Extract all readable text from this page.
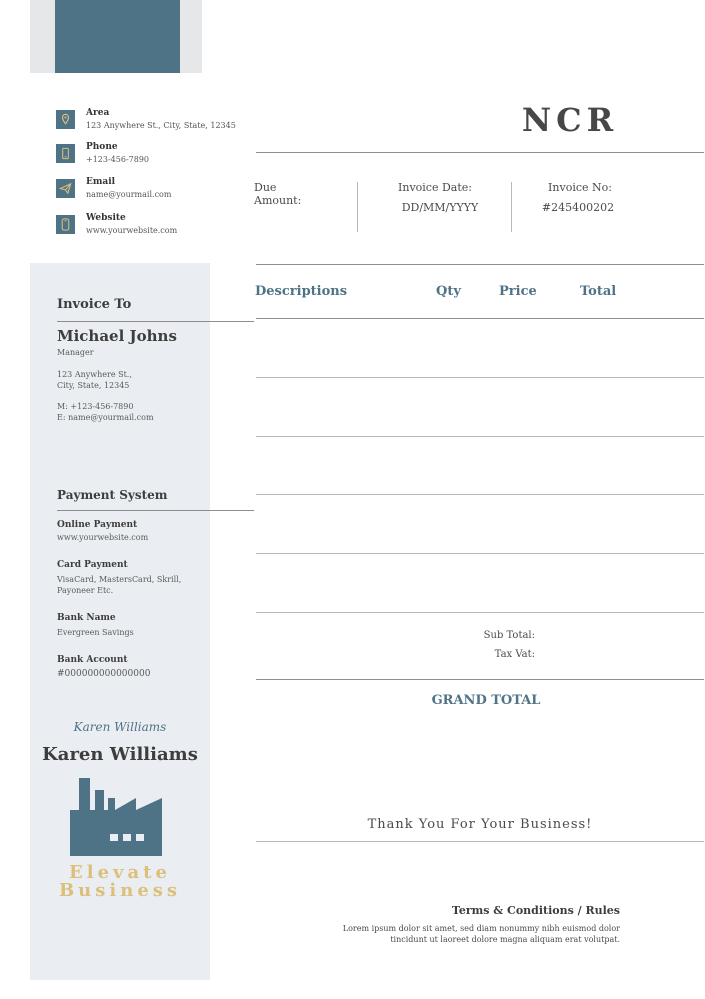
Area
123 Anywhere St., City, State, 12345
Phone
+123-456-7890
Email
name@yourmail.com
Website
www.yourwebsite.com
NCR
Due Amount:
Invoice Date:
DD/MM/YYYY
Invoice No:
#245400202
Invoice To
Michael Johns
Manager
123 Anywhere St.,
City, State, 12345
M: +123-456-7890
E: name@yourmail.com
Payment System
Online Payment
www.yourwebsite.com
Card Payment
VisaCard, MastersCard, Skrill,
Payoneer Etc.
Bank Name
Evergreen Savings
Bank Account
#000000000000000
Karen Williams
Karen Williams
Elevate
Business
Descriptions	Qty	Price	Total
Sub Total:
Tax Vat:
GRAND TOTAL
Thank You For Your Business!
Terms & Conditions / Rules
Lorem ipsum dolor sit amet, sed diam nonummy nibh euismod dolor
tincidunt ut laoreet dolore magna aliquam erat volutpat.
